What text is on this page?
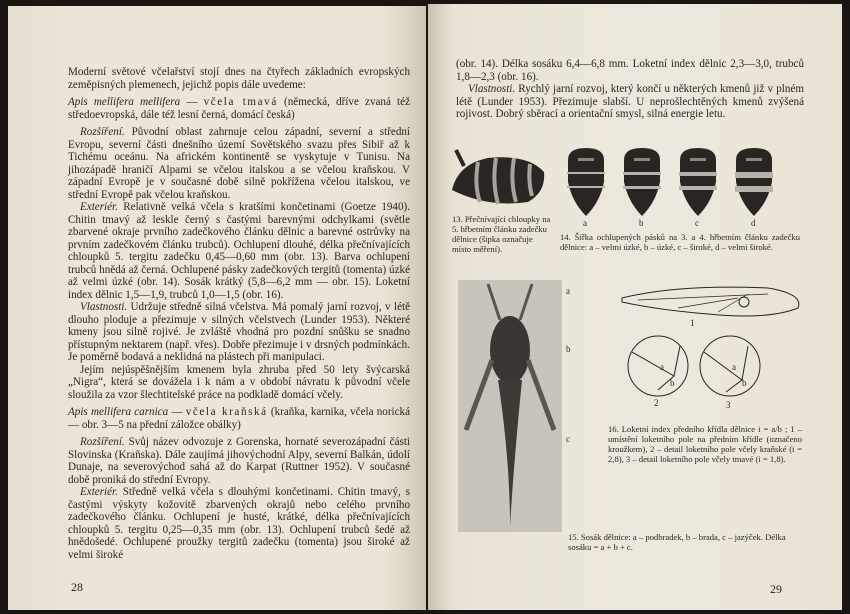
Moderní světové včelařství stojí dnes na čtyřech základních evropských zeměpisných plemenech, jejichž popis dále uvedeme:

Apis mellifera mellifera — včela tmavá (německá, dříve zvaná též středoevropská, dále též lesní černá, domácí česká)

Rozšíření. Původní oblast zahrnuje celou západní, severní a střední Evropu, severní části dnešního území Sovětského svazu přes Sibiř až k Tichému oceánu. Na africkém kontinentě se vyskytuje v Tunisu. Na jihozápadě hraničí Alpami se včelou italskou a se včelou kraňskou. V západní Evropě je v současné době silně pokřížena včelou italskou, ve střední Evropě pak včelou kraňskou.

Exteriér. Relativně velká včela s kratšími končetinami (Goetze 1940). Chitin tmavý až leskle černý s častými barevnými odchylkami (světle zbarvené okraje prvního zadečkového článku dělnic a barevné ostrůvky na prvním zadečkovém článku trubců). Ochlupení dlouhé, délka přečnívajících chloupků 5. tergitu zadečku 0,45—0,60 mm (obr. 13). Barva ochlupení trubců hnědá až černá. Ochlupené pásky zadečkových tergitů (tomenta) úzké až velmi úzké (obr. 14). Sosák krátký (5,8—6,2 mm — obr. 15). Loketní index dělnic 1,5—1,9, trubců 1,0—1,5 (obr. 16).

Vlastnosti. Udržuje středně silná včelstva. Má pomalý jarní rozvoj, v létě dlouho ploduje a přezimuje v silných včelstvech (Lunder 1953). Některé kmeny jsou silně rojivé. Je zvláště vhodná pro pozdní snůšku se snadno přístupným nektarem (např. vřes). Dobře přezimuje i v drsných podmínkách. Je poměrně bodavá a neklidná na plástech při manipulaci.

Jejím nejúspěšnějším kmenem byla zhruba před 50 lety švýcarská „Nigra“, která se dovážela i k nám a v období návratu k původní včele sloužila za vzor šlechtitelské práce na podkladě domácí včely.

Apis mellifera carnica — včela kraňská (kraňka, karnika, včela norická — obr. 3—5 na přední záložce obálky)

Rozšíření. Svůj název odvozuje z Gorenska, hornaté severozápadní části Slovinska (Kraňska). Dále zaujímá jihovýchodní Alpy, severní Balkán, údolí Dunaje, na severovýchod sahá až do Karpat (Ruttner 1952). V současné době proniká do střední Evropy.

Exteriér. Středně velká včela s dlouhými končetinami. Chitin tmavý, s častými výskyty kožovitě zbarvených okrajů nebo celého prvního zadečkového článku. Ochlupení je husté, krátké, délka přečnívajících chloupků 5. tergitu 0,25—0,35 mm (obr. 13). Ochlupení trubců šedé až hnědošedé. Ochlupené proužky tergitů zadečku (tomenta) jsou široké až velmi široké

28

(obr. 14). Délka sosáku 6,4—6,8 mm. Loketní index dělnic 2,3—3,0, trubců 1,8—2,3 (obr. 16).

Vlastnosti. Rychlý jarní rozvoj, který končí u některých kmenů již v plném létě (Lunder 1953). Přezimuje slabší. U neprošlechtěných kmenů zvýšená rojivost. Dobrý sběrací a orientační smysl, silná energie letu.

13. Přečnívající chloupky na 5. hřbetním článku zadečku dělnice (šipka označuje místo měření).
14. Šířka ochlupených pásků na 3. a 4. hřbetním článku zadečku dělnice: a – velmi úzké, b – úzké, c – široké, d – velmi široké.
16. Loketní index předního křídla dělnice i = a/b ; 1 – umístění loketního pole na předním křídle (označeno kroužkem), 2 – detail loketního pole včely kraňské (i = 2,8), 3 – detail loketního pole včely tmavé (i = 1,8).
15. Sosák dělnice: a – podbradek, b – brada, c – jazýček. Délka sosáku = a + b + c.
29
a	b	c	d
a
b
c
1
2	3
a
b
a
b
